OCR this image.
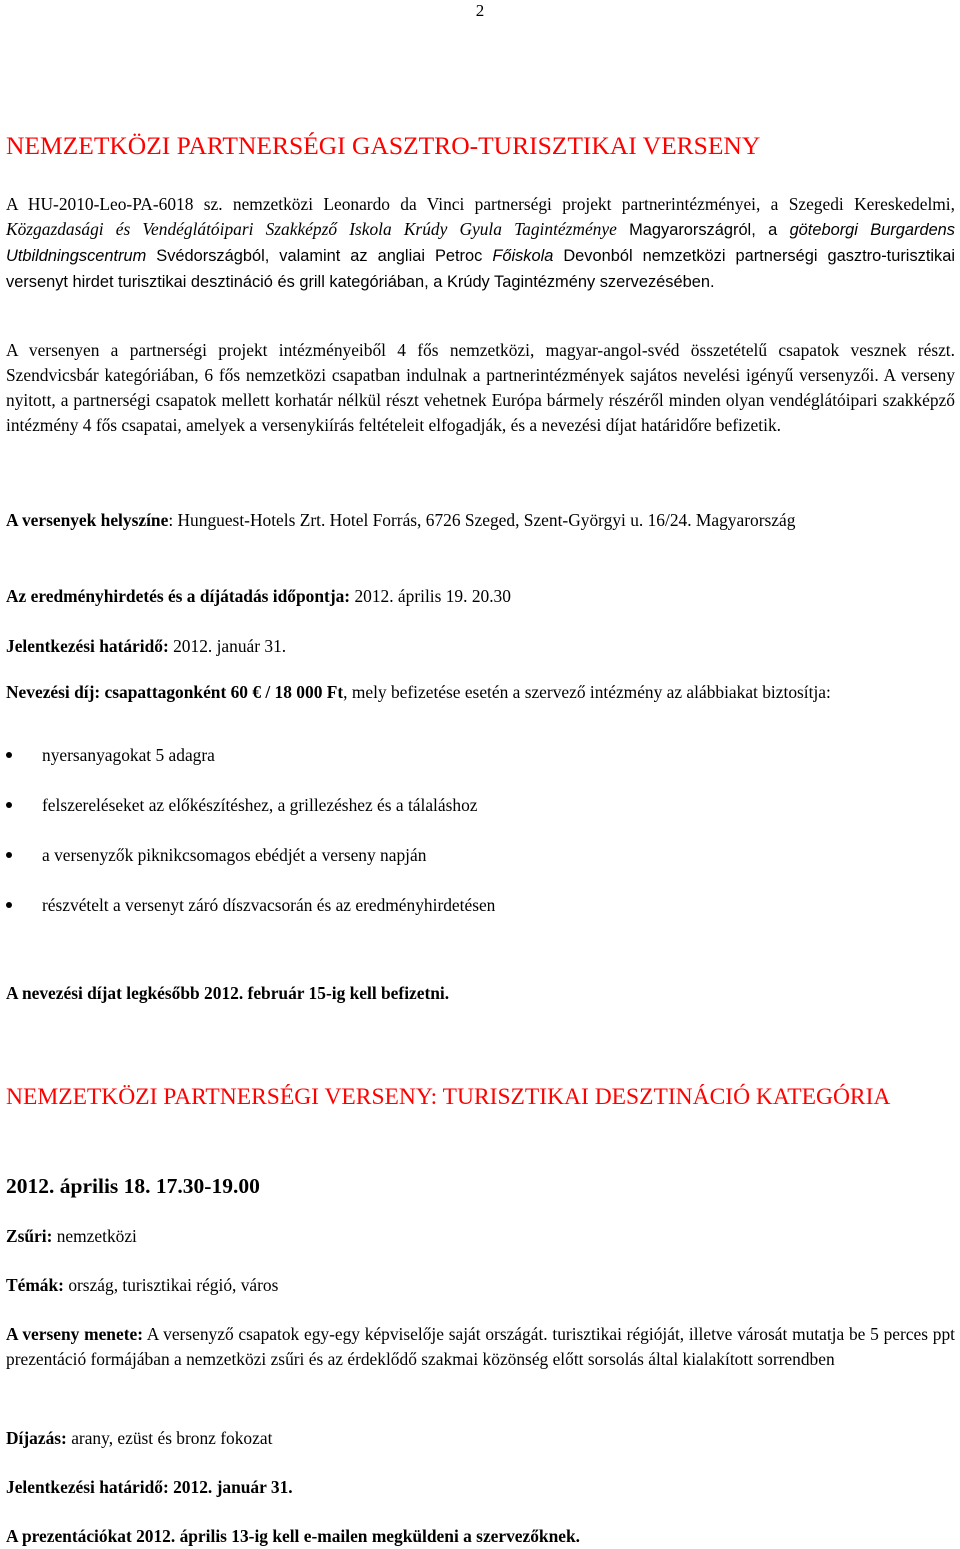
2
NEMZETKÖZI PARTNERSÉGI GASZTRO-TURISZTIKAI VERSENY
A HU-2010-Leo-PA-6018 sz. nemzetközi Leonardo da Vinci partnerségi projekt partnerintézményei, a Szegedi Kereskedelmi, Közgazdasági és Vendéglátóipari Szakképző Iskola Krúdy Gyula Tagintézménye Magyarországról, a göteborgi Burgardens Utbildningscentrum Svédországból, valamint az angliai Petroc Főiskola Devonból nemzetközi partnerségi gasztro-turisztikai versenyt hirdet turisztikai desztináció és grill kategóriában, a Krúdy Tagintézmény szervezésében.
A versenyen a partnerségi projekt intézményeiből 4 fős nemzetközi, magyar-angol-svéd összetételű csapatok vesznek részt. Szendvicsbár kategóriában, 6 fős nemzetközi csapatban indulnak a partnerintézmények sajátos nevelési igényű versenyzői. A verseny nyitott, a partnerségi csapatok mellett korhatár nélkül részt vehetnek Európa bármely részéről minden olyan vendéglátóipari szakképző intézmény 4 fős csapatai, amelyek a versenykiírás feltételeit elfogadják, és a nevezési díjat határidőre befizetik.
A versenyek helyszíne: Hunguest-Hotels Zrt. Hotel Forrás, 6726 Szeged, Szent-Györgyi u. 16/24. Magyarország
Az eredményhirdetés és a díjátadás időpontja: 2012. április 19. 20.30
Jelentkezési határidő: 2012. január 31.
Nevezési díj: csapattagonként 60 € / 18 000 Ft, mely befizetése esetén a szervező intézmény az alábbiakat biztosítja:
nyersanyagokat 5 adagra
felszereléseket az előkészítéshez, a grillezéshez és a tálaláshoz
a versenyzők piknikcsomagos ebédjét a verseny napján
részvételt a versenyt záró díszvacsorán és az eredményhirdetésen
A nevezési díjat legkésőbb 2012. február 15-ig kell befizetni.
NEMZETKÖZI PARTNERSÉGI VERSENY: TURISZTIKAI DESZTINÁCIÓ KATEGÓRIA
2012. április 18. 17.30-19.00
Zsűri: nemzetközi
Témák: ország, turisztikai régió, város
A verseny menete: A versenyző csapatok egy-egy képviselője saját országát. turisztikai régióját, illetve városát mutatja be 5 perces ppt prezentáció formájában a nemzetközi zsűri és az érdeklődő szakmai közönség előtt sorsolás által kialakított sorrendben
Díjazás: arany, ezüst és bronz fokozat
Jelentkezési határidő: 2012. január 31.
A prezentációkat 2012. április 13-ig kell e-mailen megküldeni a szervezőknek.
